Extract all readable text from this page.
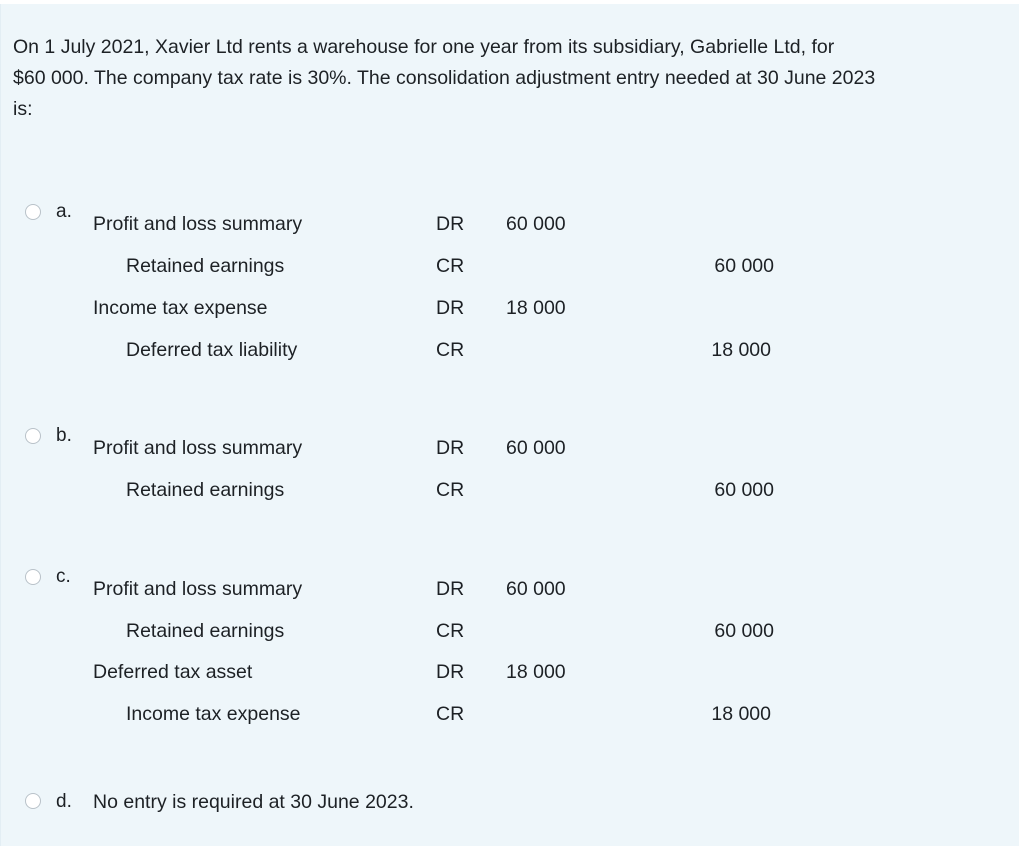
On 1 July 2021, Xavier Ltd rents a warehouse for one year from its subsidiary, Gabrielle Ltd, for
$60 000. The company tax rate is 30%. The consolidation adjustment entry needed at 30 June 2023
is:
a.
Profit and loss summary	DR 60 000
Retained earnings	CR	60 000
Income tax expense	DR 18 000
Deferred tax liability	CR	18 000
b.
Profit and loss summary	DR 60 000
Retained earnings	CR	60 000
c.
Profit and loss summary	DR 60 000
Retained earnings	CR	60 000
Deferred tax asset	DR 18 000
Income tax expense	CR	18 000
d. No entry is required at 30 June 2023.
